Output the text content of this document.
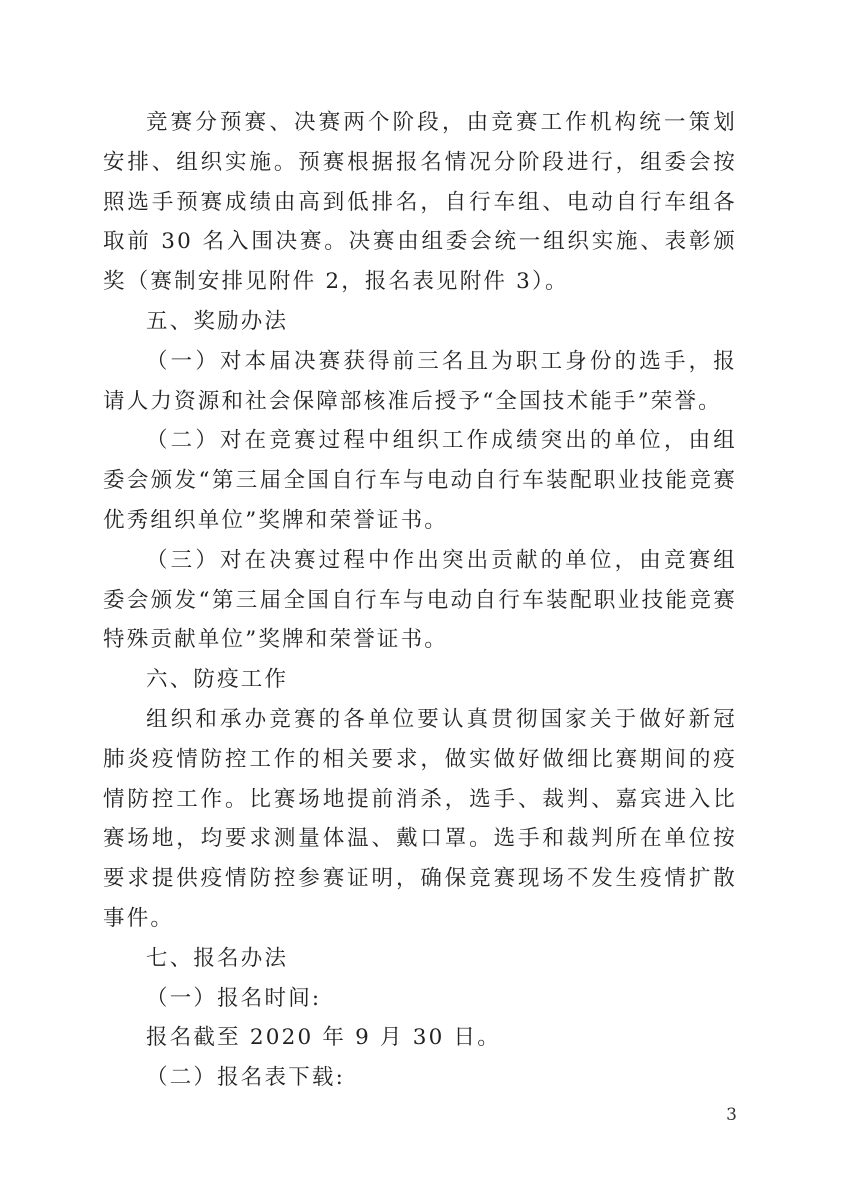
竞赛分预赛、决赛两个阶段，由竞赛工作机构统一策划安排、组织实施。预赛根据报名情况分阶段进行，组委会按照选手预赛成绩由高到低排名，自行车组、电动自行车组各取前 30 名入围决赛。决赛由组委会统一组织实施、表彰颁奖（赛制安排见附件 2，报名表见附件 3）。

五、奖励办法

（一）对本届决赛获得前三名且为职工身份的选手，报请人力资源和社会保障部核准后授予“全国技术能手”荣誉。

（二）对在竞赛过程中组织工作成绩突出的单位，由组委会颁发“第三届全国自行车与电动自行车装配职业技能竞赛优秀组织单位”奖牌和荣誉证书。

（三）对在决赛过程中作出突出贡献的单位，由竞赛组委会颁发“第三届全国自行车与电动自行车装配职业技能竞赛特殊贡献单位”奖牌和荣誉证书。

六、防疫工作

组织和承办竞赛的各单位要认真贯彻国家关于做好新冠肺炎疫情防控工作的相关要求，做实做好做细比赛期间的疫情防控工作。比赛场地提前消杀，选手、裁判、嘉宾进入比赛场地，均要求测量体温、戴口罩。选手和裁判所在单位按要求提供疫情防控参赛证明，确保竞赛现场不发生疫情扩散事件。

七、报名办法

（一）报名时间:

报名截至 2020 年 9 月 30 日。

（二）报名表下载:

3
